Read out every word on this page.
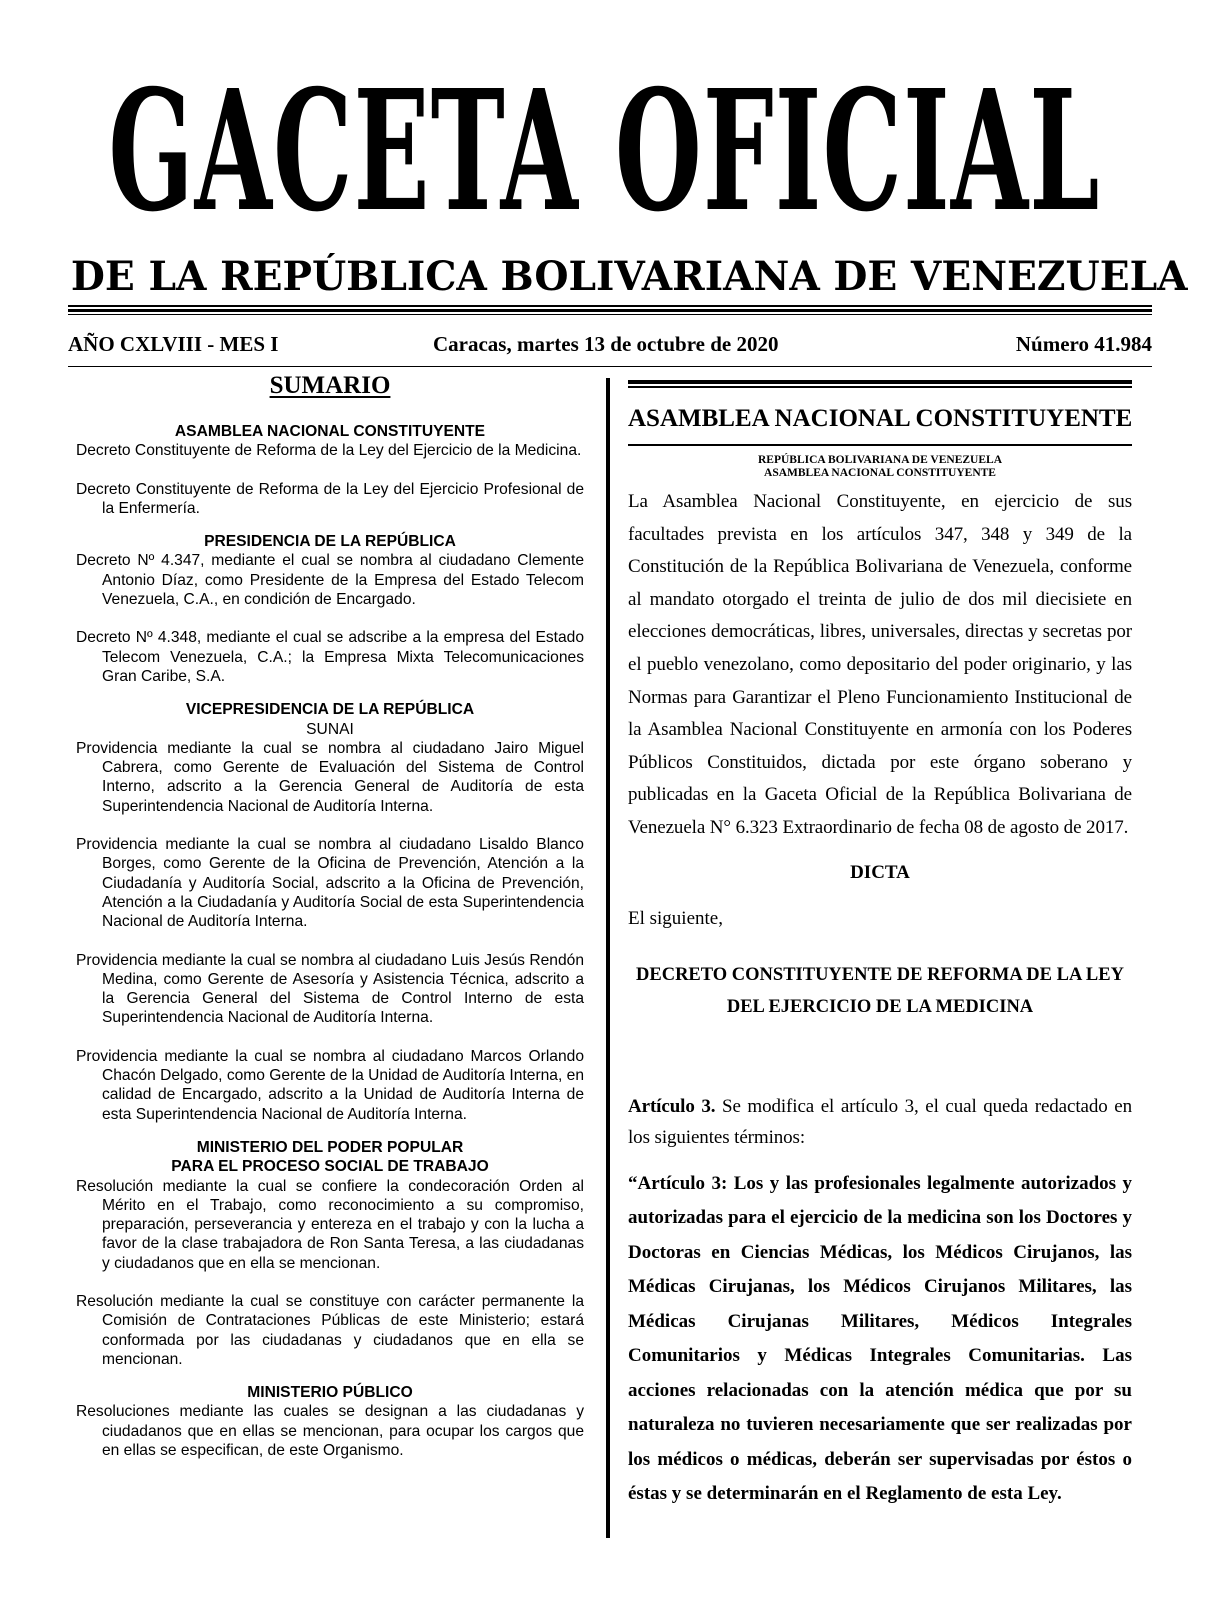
GACETA OFICIAL
DE LA REPÚBLICA BOLIVARIANA DE VENEZUELA
AÑO CXLVIII - MES I	Caracas, martes 13 de octubre de 2020	Número 41.984
SUMARIO
ASAMBLEA NACIONAL CONSTITUYENTE
Decreto Constituyente de Reforma de la Ley del Ejercicio de la Medicina.
Decreto Constituyente de Reforma de la Ley del Ejercicio Profesional de la Enfermería.
PRESIDENCIA DE LA REPÚBLICA
Decreto Nº 4.347, mediante el cual se nombra al ciudadano Clemente Antonio Díaz, como Presidente de la Empresa del Estado Telecom Venezuela, C.A., en condición de Encargado.
Decreto Nº 4.348, mediante el cual se adscribe a la empresa del Estado Telecom Venezuela, C.A.; la Empresa Mixta Telecomunicaciones Gran Caribe, S.A.
VICEPRESIDENCIA DE LA REPÚBLICA
SUNAI
Providencia mediante la cual se nombra al ciudadano Jairo Miguel Cabrera, como Gerente de Evaluación del Sistema de Control Interno, adscrito a la Gerencia General de Auditoría de esta Superintendencia Nacional de Auditoría Interna.
Providencia mediante la cual se nombra al ciudadano Lisaldo Blanco Borges, como Gerente de la Oficina de Prevención, Atención a la Ciudadanía y Auditoría Social, adscrito a la Oficina de Prevención, Atención a la Ciudadanía y Auditoría Social de esta Superintendencia Nacional de Auditoría Interna.
Providencia mediante la cual se nombra al ciudadano Luis Jesús Rendón Medina, como Gerente de Asesoría y Asistencia Técnica, adscrito a la Gerencia General del Sistema de Control Interno de esta Superintendencia Nacional de Auditoría Interna.
Providencia mediante la cual se nombra al ciudadano Marcos Orlando Chacón Delgado, como Gerente de la Unidad de Auditoría Interna, en calidad de Encargado, adscrito a la Unidad de Auditoría Interna de esta Superintendencia Nacional de Auditoría Interna.
MINISTERIO DEL PODER POPULAR
PARA EL PROCESO SOCIAL DE TRABAJO
Resolución mediante la cual se confiere la condecoración Orden al Mérito en el Trabajo, como reconocimiento a su compromiso, preparación, perseverancia y entereza en el trabajo y con la lucha a favor de la clase trabajadora de Ron Santa Teresa, a las ciudadanas y ciudadanos que en ella se mencionan.
Resolución mediante la cual se constituye con carácter permanente la Comisión de Contrataciones Públicas de este Ministerio; estará conformada por las ciudadanas y ciudadanos que en ella se mencionan.
MINISTERIO PÚBLICO
Resoluciones mediante las cuales se designan a las ciudadanas y ciudadanos que en ellas se mencionan, para ocupar los cargos que en ellas se especifican, de este Organismo.
ASAMBLEA NACIONAL CONSTITUYENTE
REPÚBLICA BOLIVARIANA DE VENEZUELA
ASAMBLEA NACIONAL CONSTITUYENTE
La Asamblea Nacional Constituyente, en ejercicio de sus facultades prevista en los artículos 347, 348 y 349 de la Constitución de la República Bolivariana de Venezuela, conforme al mandato otorgado el treinta de julio de dos mil diecisiete en elecciones democráticas, libres, universales, directas y secretas por el pueblo venezolano, como depositario del poder originario, y las Normas para Garantizar el Pleno Funcionamiento Institucional de la Asamblea Nacional Constituyente en armonía con los Poderes Públicos Constituidos, dictada por este órgano soberano y publicadas en la Gaceta Oficial de la República Bolivariana de Venezuela N° 6.323 Extraordinario de fecha 08 de agosto de 2017.
DICTA
El siguiente,
DECRETO CONSTITUYENTE DE REFORMA DE LA LEY
DEL EJERCICIO DE LA MEDICINA
Artículo 3. Se modifica el artículo 3, el cual queda redactado en los siguientes términos:
“Artículo 3: Los y las profesionales legalmente autorizados y autorizadas para el ejercicio de la medicina son los Doctores y Doctoras en Ciencias Médicas, los Médicos Cirujanos, las Médicas Cirujanas, los Médicos Cirujanos Militares, las Médicas Cirujanas Militares, Médicos Integrales Comunitarios y Médicas Integrales Comunitarias. Las acciones relacionadas con la atención médica que por su naturaleza no tuvieren necesariamente que ser realizadas por los médicos o médicas, deberán ser supervisadas por éstos o éstas y se determinarán en el Reglamento de esta Ley.
